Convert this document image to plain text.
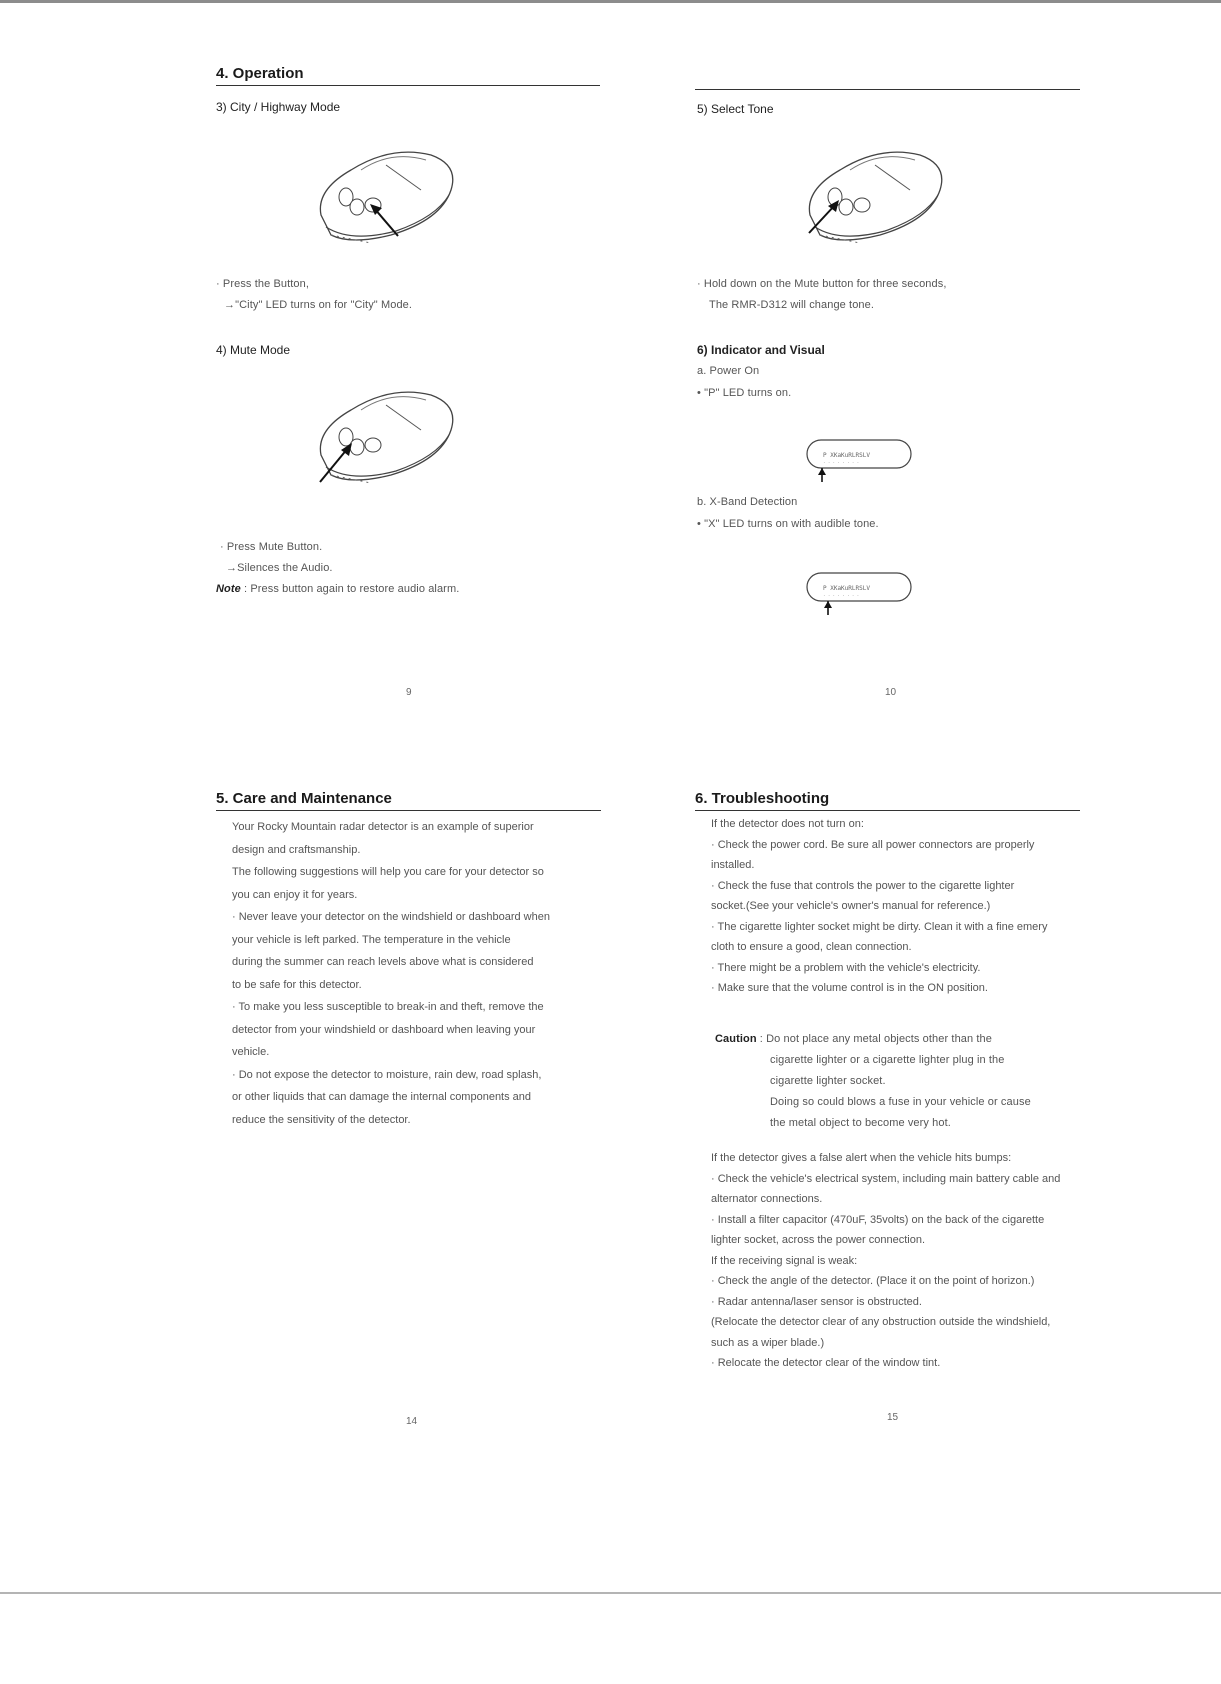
4. Operation
3) City / Highway Mode
· Press the Button,
→"City" LED turns on for "City" Mode.
4) Mute Mode
· Press Mute Button.
→Silences the Audio.
Note : Press button again to restore audio alarm.
9
5) Select Tone
· Hold down on the Mute button for three seconds,
The RMR-D312 will change tone.
6) Indicator and Visual
a. Power On
• "P" LED turns on.
P XKaKuRLRSLV
. . . . . . . .
b. X-Band Detection
• "X" LED turns on with audible tone.
P XKaKuRLRSLV
. . . . . . . .
10
5. Care and Maintenance

Your Rocky Mountain radar detector is an example of superior

design and craftsmanship.

The following suggestions will help you care for your detector so

you can enjoy it for years.

· Never leave your detector on the windshield or dashboard when

your vehicle is left parked. The temperature in the vehicle

during the summer can reach levels above what is considered

to be safe for this detector.

· To make you less susceptible to break-in and theft, remove the

detector from your windshield or dashboard when leaving your

vehicle.

· Do not expose the detector to moisture, rain dew, road splash,

or other liquids that can damage the internal components and

reduce the sensitivity of the detector.

14
6. Troubleshooting

If the detector does not turn on:

· Check the power cord. Be sure all power connectors are properly

installed.

· Check the fuse that controls the power to the cigarette lighter

socket.(See your vehicle's owner's manual for reference.)

· The cigarette lighter socket might be dirty. Clean it with a fine emery

cloth to ensure a good, clean connection.

· There might be a problem with the vehicle's electricity.

· Make sure that the volume control is in the ON position.

Caution : Do not place any metal objects other than the
cigarette lighter or a cigarette lighter plug in the
cigarette lighter socket.
Doing so could blows a fuse in your vehicle or cause
the metal object to become very hot.

If the detector gives a false alert when the vehicle hits bumps:

· Check the vehicle's electrical system, including main battery cable and

alternator connections.

· Install a filter capacitor (470uF, 35volts) on the back of the cigarette

lighter socket, across the power connection.

If the receiving signal is weak:

· Check the angle of the detector. (Place it on the point of horizon.)

· Radar antenna/laser sensor is obstructed.

(Relocate the detector clear of any obstruction outside the windshield,

such as a wiper blade.)

· Relocate the detector clear of the window tint.

15
